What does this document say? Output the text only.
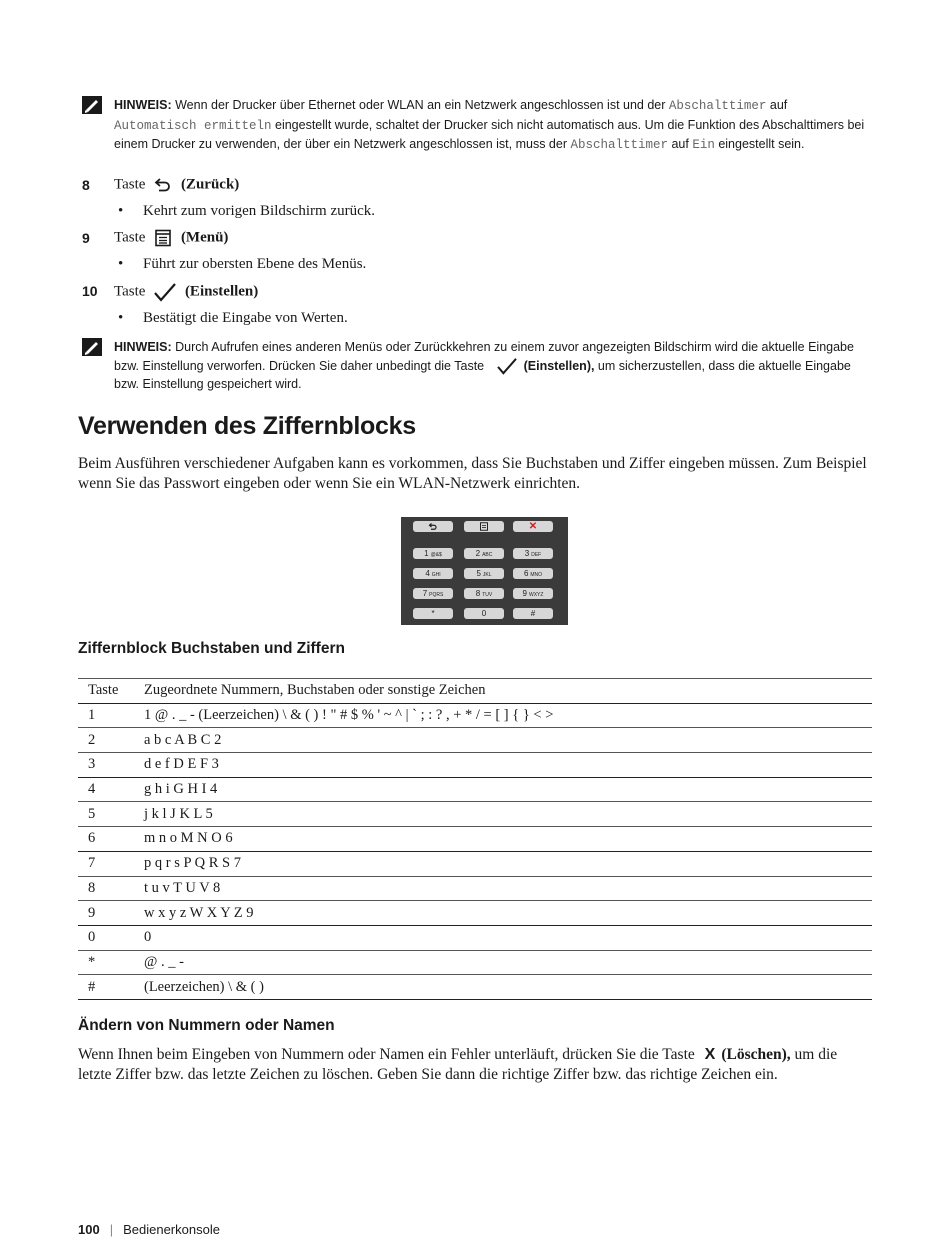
HINWEIS: Wenn der Drucker über Ethernet oder WLAN an ein Netzwerk angeschlossen ist und der Abschalttimer auf Automatisch ermitteln eingestellt wurde, schaltet der Drucker sich nicht automatisch aus. Um die Funktion des Abschalttimers bei einem Drucker zu verwenden, der über ein Netzwerk angeschlossen ist, muss der Abschalttimer auf Ein eingestellt sein.
8 Taste (Zurück)
• Kehrt zum vorigen Bildschirm zurück.
9 Taste (Menü)
• Führt zur obersten Ebene des Menüs.
10 Taste	(Einstellen)
• Bestätigt die Eingabe von Werten.
HINWEIS: Durch Aufrufen eines anderen Menüs oder Zurückkehren zu einem zuvor angezeigten Bildschirm wird die aktuelle Eingabe bzw. Einstellung verworfen. Drücken Sie daher unbedingt die Taste	(Einstellen), um sicherzustellen, dass die aktuelle Eingabe bzw. Einstellung gespeichert wird.
Verwenden des Ziffernblocks
Beim Ausführen verschiedener Aufgaben kann es vorkommen, dass Sie Buchstaben und Ziffer eingeben müssen. Zum Beispiel wenn Sie das Passwort eingeben oder wenn Sie ein WLAN-Netzwerk einrichten.
✕
1 @&$	2 ABC	3 DEF
4 GHI	5 JKL	6 MNO
7 PQRS	8 TUV	9 WXYZ
*	0	#
Ziffernblock Buchstaben und Ziffern
Taste	Zugeordnete Nummern, Buchstaben oder sonstige Zeichen
1	1 @ . _ - (Leerzeichen) \ & ( ) ! " # $ % ' ~ ^ | ` ; : ? , + * / = [ ] { } < >
2	a b c A B C 2
3	d e f D E F 3
4	g h i G H I 4
5	j k l J K L 5
6	m n o M N O 6
7	p q r s P Q R S 7
8	t u v T U V 8
9	w x y z W X Y Z 9
0	0
*	@ . _ -
#	(Leerzeichen) \ & ( )
Ändern von Nummern oder Namen
Wenn Ihnen beim Eingeben von Nummern oder Namen ein Fehler unterläuft, drücken Sie die Taste X (Löschen), um die letzte Ziffer bzw. das letzte Zeichen zu löschen. Geben Sie dann die richtige Ziffer bzw. das richtige Zeichen ein.
100 | Bedienerkonsole
